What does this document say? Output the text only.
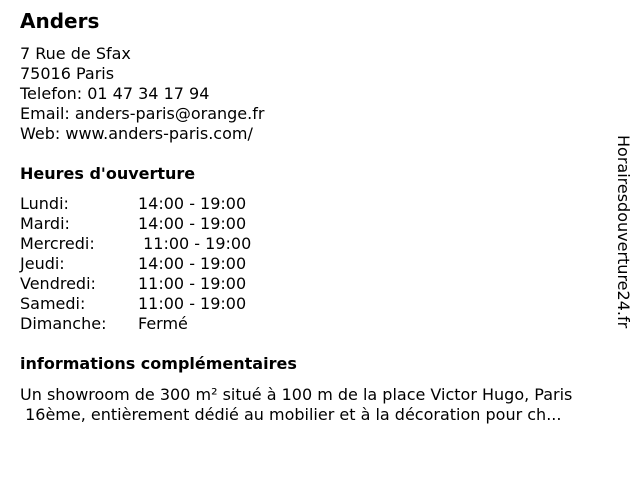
Anders
7 Rue de Sfax
75016 Paris
Telefon: 01 47 34 17 94
Email: anders-paris@orange.fr
Web: www.anders-paris.com/
Heures d'ouverture
Lundi:	14:00 - 19:00
Mardi:	14:00 - 19:00
Mercredi:	11:00 - 19:00
Jeudi:	14:00 - 19:00
Vendredi:	11:00 - 19:00
Samedi:	11:00 - 19:00
Dimanche: Fermé
informations complémentaires
Un showroom de 300 m² situé à 100 m de la place Victor Hugo, Paris
16ème, entièrement dédié au mobilier et à la décoration pour ch...
Horairesdouverture24.fr
